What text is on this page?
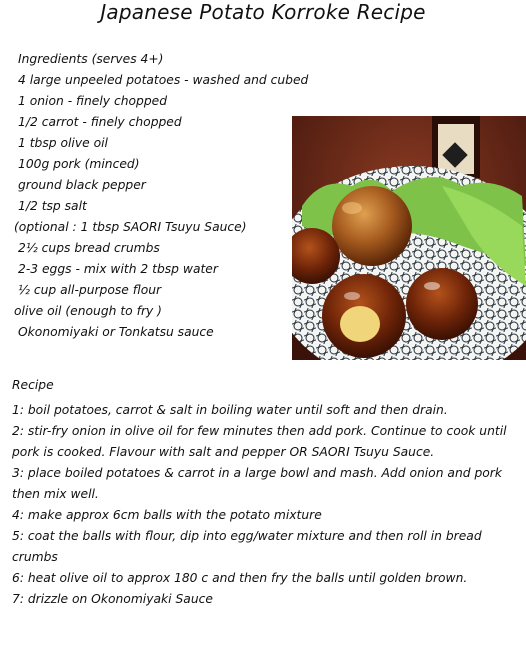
Japanese Potato Korroke Recipe
Ingredients (serves 4+)
4 large unpeeled potatoes - washed and cubed
1 onion - finely chopped
1/2 carrot - finely chopped
1 tbsp olive oil
100g pork (minced)
ground black pepper
1/2 tsp salt
(optional : 1 tbsp SAORI Tsuyu Sauce)
2½ cups bread crumbs
2-3 eggs - mix with 2 tbsp water
½ cup all-purpose flour
olive oil (enough to fry )
Okonomiyaki or Tonkatsu sauce
Recipe

1: boil potatoes, carrot & salt in boiling water until soft and then drain.

2: stir-fry onion in olive oil for few minutes then add pork. Continue to cook until pork is cooked. Flavour with salt and pepper OR SAORI Tsuyu Sauce.

3: place boiled potatoes & carrot in a large bowl and mash. Add onion and pork then mix well.

4: make approx 6cm balls with the potato mixture

5: coat the balls with flour, dip into egg/water mixture and then roll in bread crumbs

6: heat olive oil to approx 180 c and then fry the balls until golden brown.

7: drizzle on Okonomiyaki Sauce
